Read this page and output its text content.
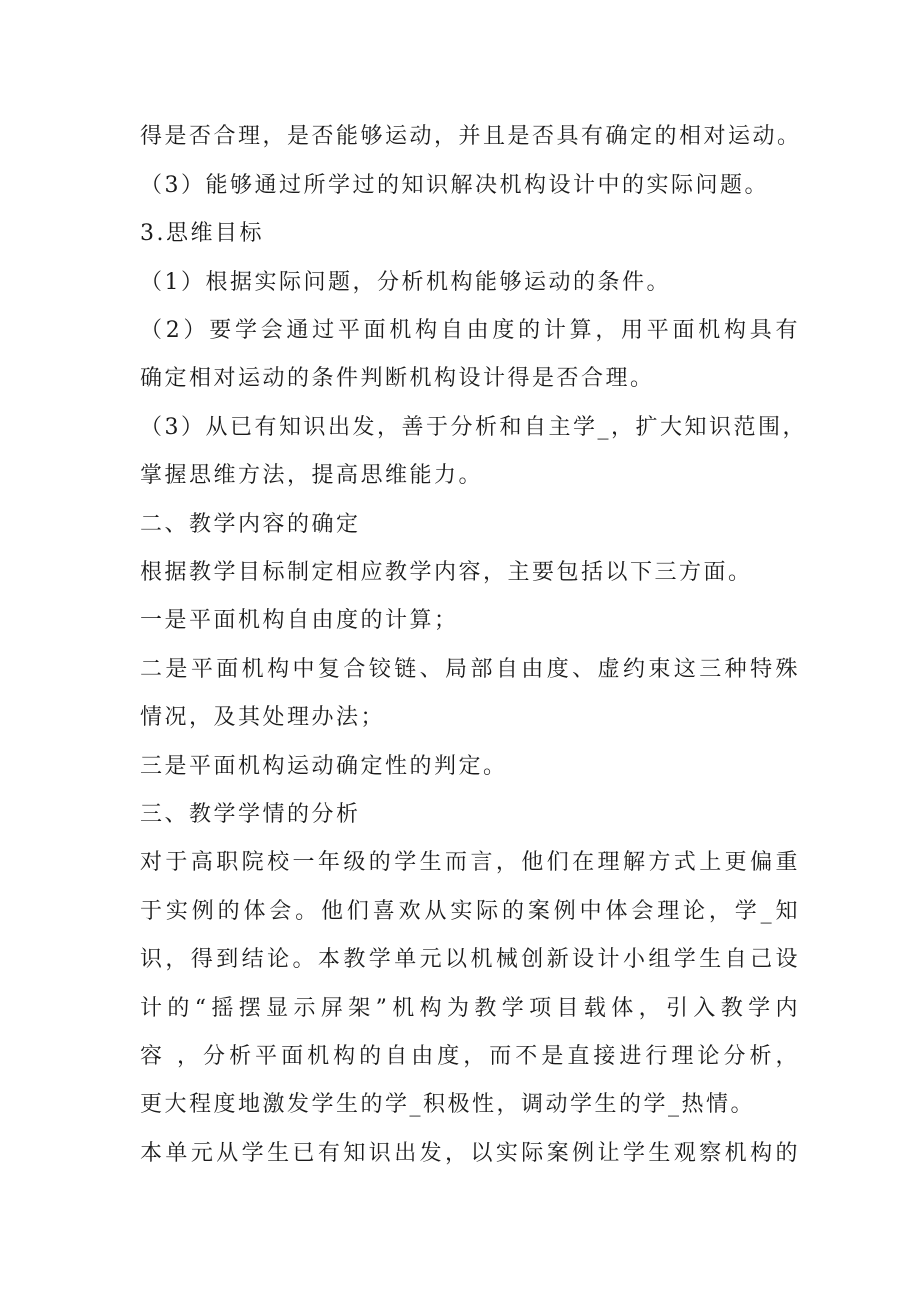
得是否合理，是否能够运动，并且是否具有确定的相对运动。
（3）能够通过所学过的知识解决机构设计中的实际问题。
3.思维目标
（1）根据实际问题，分析机构能够运动的条件。
（2）要学会通过平面机构自由度的计算，用平面机构具有
确定相对运动的条件判断机构设计得是否合理。
（3）从已有知识出发，善于分析和自主学_，扩大知识范围，
掌握思维方法，提高思维能力。
二、教学内容的确定
根据教学目标制定相应教学内容，主要包括以下三方面。
一是平面机构自由度的计算；
二是平面机构中复合铰链、局部自由度、虚约束这三种特殊
情况，及其处理办法；
三是平面机构运动确定性的判定。
三、教学学情的分析
对于高职院校一年级的学生而言，他们在理解方式上更偏重
于实例的体会。他们喜欢从实际的案例中体会理论，学_知
识，得到结论。本教学单元以机械创新设计小组学生自己设
计的“摇摆显示屏架”机构为教学项目载体，引入教学内
容 ，分析平面机构的自由度，而不是直接进行理论分析，
更大程度地激发学生的学_积极性，调动学生的学_热情。
本单元从学生已有知识出发，以实际案例让学生观察机构的
